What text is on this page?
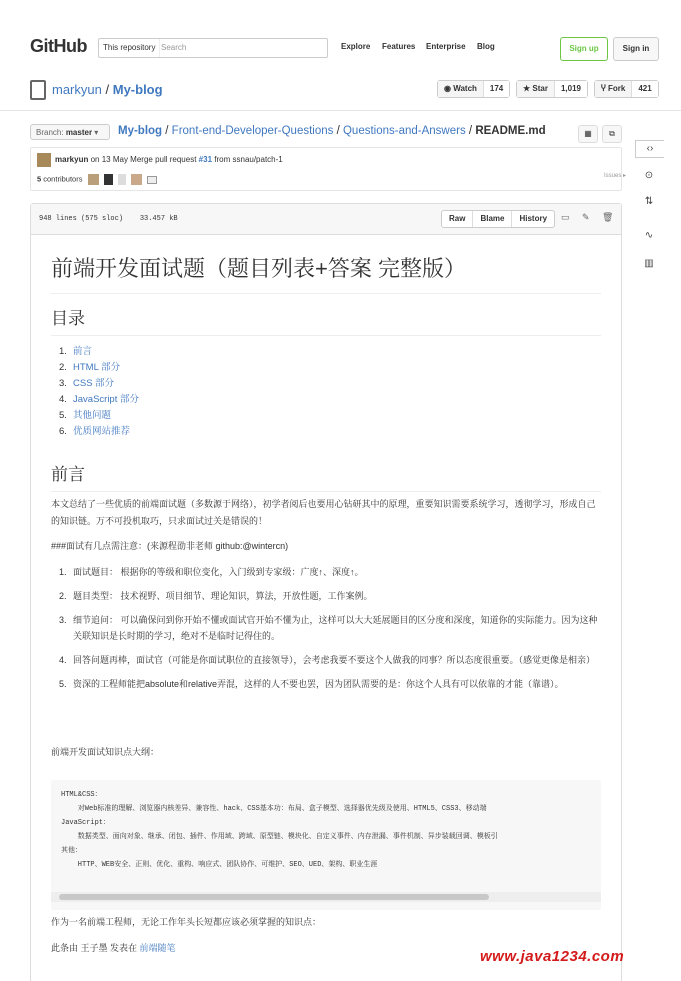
GitHub	This repository Search	Explore Features Enterprise Blog	Sign up	Sign in
markyun / My-blog	◉ Watch 174	★ Star 1,019	Ⴤ Fork 421
Branch: master ▾	My-blog / Front-end-Developer-Questions / Questions-and-Answers / README.md	▦	⧉
markyun on 13 May Merge pull request #31 from ssnau/patch-1
5 contributors
‹›
⊙
⇅
∿
▥
Issues ▸
948 lines (575 sloc) 33.457 kB	Raw Blame History	▭ ✎ 🗑
前端开发面试题（题目列表+答案 完整版）
目录
1. 前言
2. HTML 部分
3. CSS 部分
4. JavaScript 部分
5. 其他问题
6. 优质网站推荐
前言
本文总结了一些优质的前端面试题（多数源于网络），初学者阅后也要用心钻研其中的原理，重要知识需要系统学习，透彻学习，形成自己的知识链。万不可投机取巧，只求面试过关是错误的！
###面试有几点需注意：(来源程劭非老师 github:@wintercn)
1. 面试题目： 根据你的等级和职位变化，入门级到专家级：广度↑、深度↑。
2. 题目类型： 技术视野、项目细节、理论知识，算法，开放性题，工作案例。
3. 细节追问： 可以确保问到你开始不懂或面试官开始不懂为止，这样可以大大延展题目的区分度和深度，知道你的实际能力。因为这种关联知识是长时期的学习，绝对不是临时记得住的。
4. 回答问题再棒，面试官（可能是你面试职位的直接领导），会考虑我要不要这个人做我的同事？所以态度很重要。（感觉更像是相亲）
5. 资深的工程师能把absolute和relative弄混，这样的人不要也罢，因为团队需要的是：你这个人具有可以依靠的才能（靠谱）。
前端开发面试知识点大纲：
HTML&CSS：
对Web标准的理解、浏览器内核差异、兼容性、hack、CSS基本功：布局、盒子模型、选择器优先级及使用、HTML5、CSS3、移动端
JavaScript：
数据类型、面向对象、继承、闭包、插件、作用域、跨域、原型链、模块化、自定义事件、内存泄漏、事件机制、异步装载回调、模板引
其他：
HTTP、WEB安全、正则、优化、重构、响应式、团队协作、可维护、SEO、UED、架构、职业生涯
作为一名前端工程师，无论工作年头长短都应该必须掌握的知识点：
此条由 王子墨 发表在 前端随笔	www.java1234.com
